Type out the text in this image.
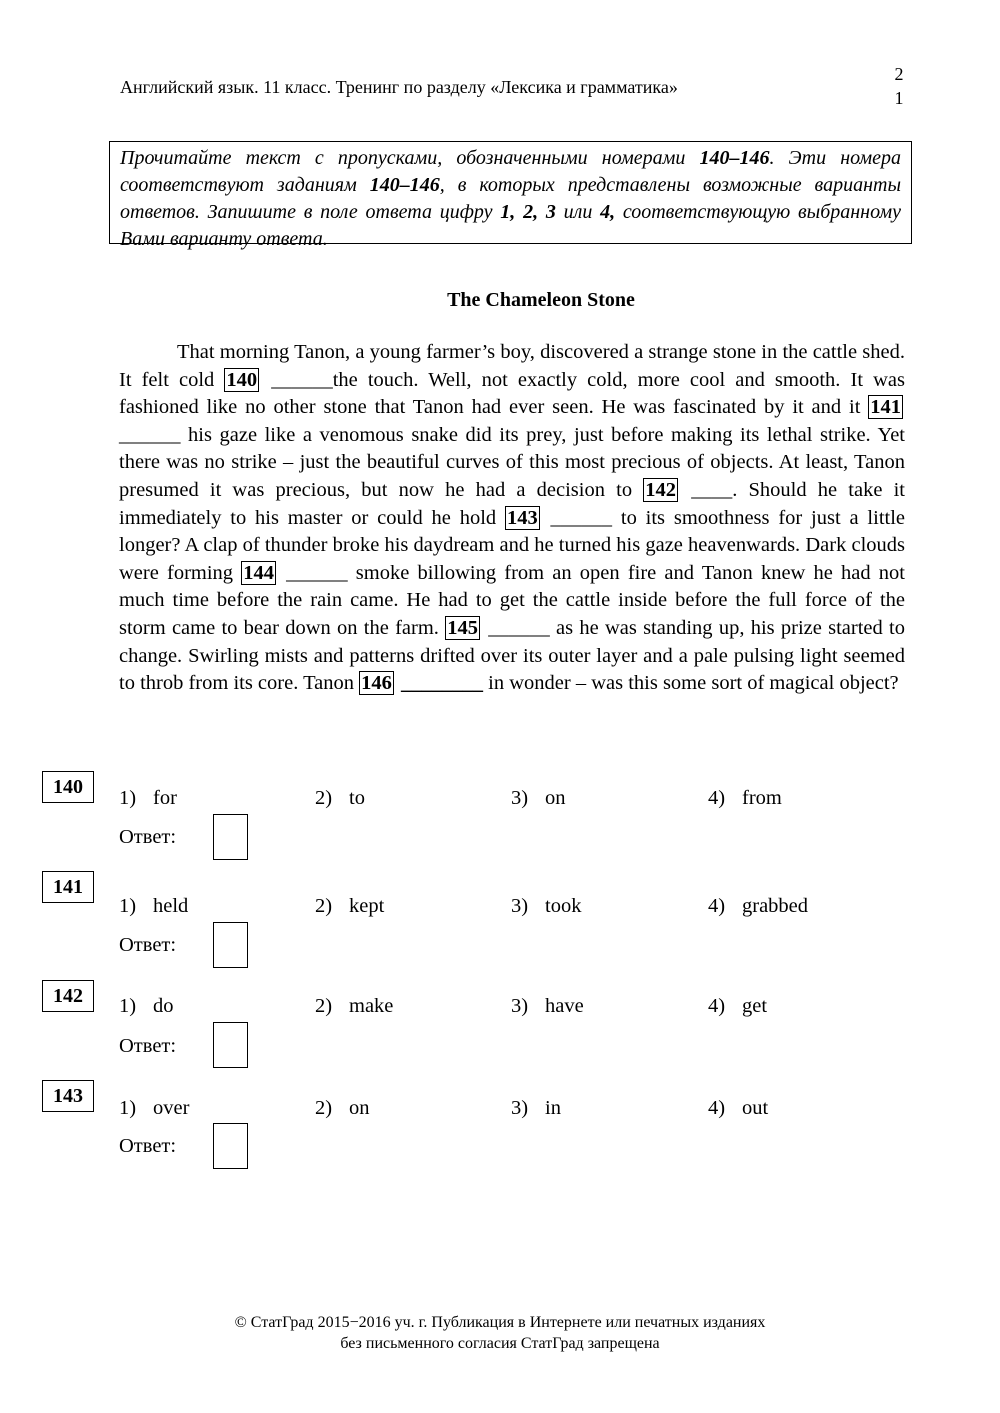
Английский язык. 11 класс. Тренинг по разделу «Лексика и грамматика»
2
1
Прочитайте текст с пропусками, обозначенными номерами 140–146. Эти номера соответствуют заданиям 140–146, в которых представлены возможные варианты ответов. Запишите в поле ответа цифру 1, 2, 3 или 4, соответствующую выбранному Вами варианту ответа.
The Chameleon Stone
That morning Tanon, a young farmer’s boy, discovered a strange stone in the cattle shed. It felt cold 140 ______the touch. Well, not exactly cold, more cool and smooth. It was fashioned like no other stone that Tanon had ever seen. He was fascinated by it and it 141 ______ his gaze like a venomous snake did its prey, just before making its lethal strike. Yet there was no strike – just the beautiful curves of this most precious of objects. At least, Tanon presumed it was precious, but now he had a decision to 142 ____. Should he take it immediately to his master or could he hold 143 ______ to its smoothness for just a little longer? A clap of thunder broke his daydream and he turned his gaze heavenwards. Dark clouds were forming 144 ______ smoke billowing from an open fire and Tanon knew he had not much time before the rain came. He had to get the cattle inside before the full force of the storm came to bear down on the farm. 145 ______ as he was standing up, his prize started to change. Swirling mists and patterns drifted over its outer layer and a pale pulsing light seemed to throb from its core. Tanon 146 ________ in wonder – was this some sort of magical object?
140	1) for	2) to	3) on	4) from
Ответ:
141
1) held	2) kept	3) took	4) grabbed
Ответ:
142	1) do	2) make	3) have	4) get
Ответ:
143
1) over	2) on	3) in	4) out
Ответ:
© СтатГрад 2015−2016 уч. г. Публикация в Интернете или печатных изданиях
без письменного согласия СтатГрад запрещена
